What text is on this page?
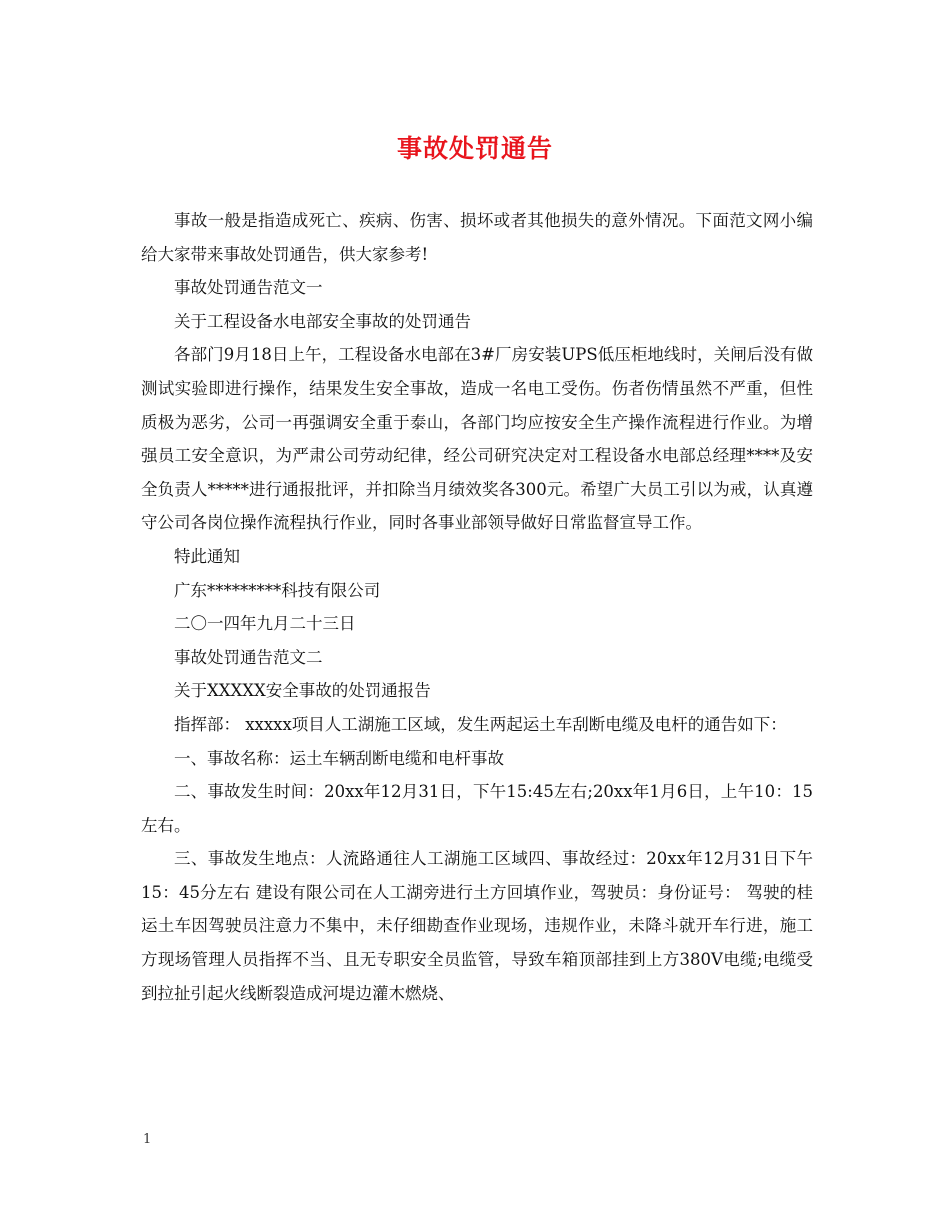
事故处罚通告

事故一般是指造成死亡、疾病、伤害、损坏或者其他损失的意外情况。下面范文网小编给大家带来事故处罚通告，供大家参考!

事故处罚通告范文一

关于工程设备水电部安全事故的处罚通告

各部门9月18日上午，工程设备水电部在3#厂房安装UPS低压柜地线时，关闸后没有做测试实验即进行操作，结果发生安全事故，造成一名电工受伤。伤者伤情虽然不严重，但性质极为恶劣，公司一再强调安全重于泰山，各部门均应按安全生产操作流程进行作业。为增强员工安全意识，为严肃公司劳动纪律，经公司研究决定对工程设备水电部总经理****及安全负责人*****进行通报批评，并扣除当月绩效奖各300元。希望广大员工引以为戒，认真遵守公司各岗位操作流程执行作业，同时各事业部领导做好日常监督宣导工作。

特此通知

广东*********科技有限公司

二〇一四年九月二十三日

事故处罚通告范文二

关于XXXXX安全事故的处罚通报告

指挥部： xxxxx项目人工湖施工区域，发生两起运土车刮断电缆及电杆的通告如下：

一、事故名称：运土车辆刮断电缆和电杆事故

二、事故发生时间：20xx年12月31日，下午15:45左右;20xx年1月6日，上午10：15左右。

三、事故发生地点：人流路通往人工湖施工区域四、事故经过：20xx年12月31日下午15：45分左右 建设有限公司在人工湖旁进行土方回填作业，驾驶员：身份证号： 驾驶的桂 运土车因驾驶员注意力不集中，未仔细勘查作业现场，违规作业，未降斗就开车行进，施工方现场管理人员指挥不当、且无专职安全员监管，导致车箱顶部挂到上方380V电缆;电缆受到拉扯引起火线断裂造成河堤边灌木燃烧、

1
